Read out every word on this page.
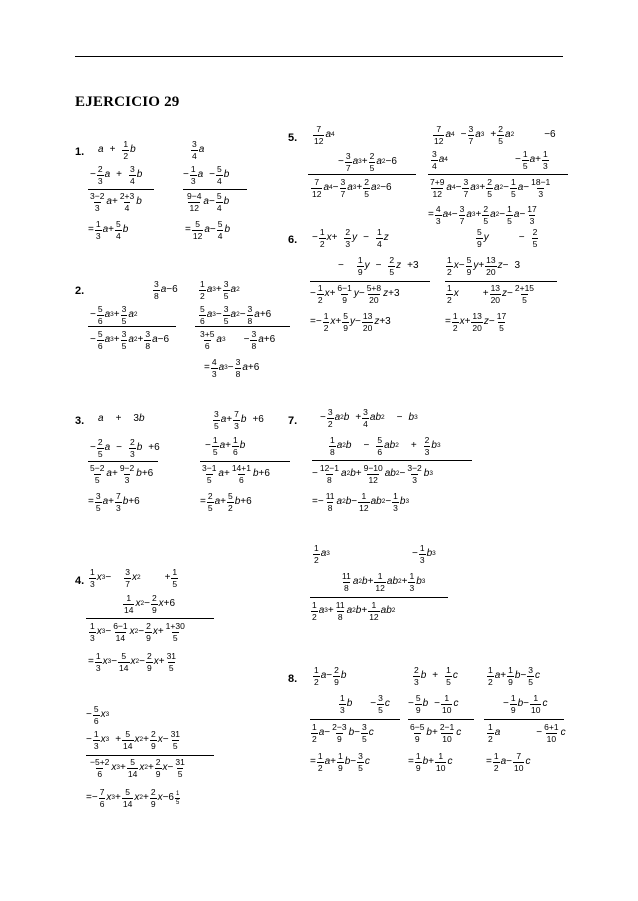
EJERCICIO 29
1. $a + \frac{1}{2}$ b
− $\frac{2}{3}$ $a + \frac{3}{4}$ b
$\frac{3-2}{3}$ $a + \frac{2+3}{4}$ b
= $\frac{1}{3}$ $a + \frac{5}{4}$ b
$\frac{3}{4}$ a
− $\frac{1}{3}$ $a - \frac{5}{4}$ b
$\frac{9-4}{12}$ $a - \frac{5}{4}$ b
= $\frac{5}{12}$ $a - \frac{5}{4}$ b
2.	$\frac{3}{8}$ a −6
− $\frac{5}{6}$ a $3 + \frac{3}{5}$ a 2
− $\frac{5}{6}$ a $3 + \frac{3}{5}$ a $2 + \frac{3}{8}$ a −6
$\frac{1}{2}$ a $3 + \frac{3}{5}$ a 2
$\frac{5}{6}$ a $3 - \frac{3}{5}$ a $2 - \frac{3}{8}$ a +6
$\frac{3+5}{6}$ a $3 - \frac{3}{8}$ a +6
= $\frac{4}{3}$ a $3 - \frac{3}{8}$ a +6
3. a + 3 b
− $\frac{2}{5}$ $a - \frac{2}{3}$ b +6
$\frac{5-2}{5}$ $a + \frac{9-2}{3}$ b +6
= $\frac{3}{5}$ $a + \frac{7}{3}$ b +6
$\frac{3}{5}$ $a + \frac{7}{3}$ b +6
− $\frac{1}{5}$ $a + \frac{1}{6}$ b
$\frac{3-1}{5}$ $a + \frac{14+1}{6}$ b +6
= $\frac{2}{5}$ $a + \frac{5}{2}$ b +6
4. $\frac{1}{3}$ x $3 - \frac{3}{7}$ x $2 + \frac{1}{5}$
$\frac{1}{14}$ x $2 - \frac{2}{9}$ x +6
$\frac{1}{3}$ x $3 - \frac{6-1}{14}$ x $2 - \frac{2}{9}$ $x + \frac{1+30}{5}$
= $\frac{1}{3}$ x $3 - \frac{5}{14}$ x $2 - \frac{2}{9}$ $x + \frac{31}{5}$
− $\frac{5}{6}$ x 3
− $\frac{1}{3}$ x $3 + \frac{5}{14}$ x $2 + \frac{2}{9}$ $x - \frac{31}{5}$
$\frac{-5+2}{6}$ x $3 + \frac{5}{14}$ x $2 + \frac{2}{9}$ $x - \frac{31}{5}$
=− $\frac{7}{6}$ x $3 + \frac{5}{14}$ x $2 + \frac{2}{9}$ $x -6 \frac{1}{5}$
5. $\frac{7}{12}$ a 4
− $\frac{3}{7}$ a $3 + \frac{2}{5}$ a 2 −6
$\frac{7}{12}$ a $4 - \frac{3}{7}$ a $3 + \frac{2}{5}$ a 2 −6
$\frac{7}{12}$ a $4 - \frac{3}{7}$ a $3 + \frac{2}{5}$ a 2	−6
$\frac{3}{4}$ a 4	− $\frac{1}{5}$ $a + \frac{1}{3}$
$\frac{7+9}{12}$ a $4 - \frac{3}{7}$ a $3 + \frac{2}{5}$ a $2 - \frac{1}{5}$ $a - \frac{18-1}{3}$
= $\frac{4}{3}$ a $4 - \frac{3}{7}$ a $3 + \frac{2}{5}$ a $2 - \frac{1}{5}$ $a - \frac{17}{3}$
6. − $\frac{1}{2}$ $x + \frac{2}{3}$ $y - \frac{1}{4}$ z
− $\frac{1}{9}$ $y - \frac{2}{5}$ z +3
− $\frac{1}{2}$ $x + \frac{6-1}{9}$ $y - \frac{5+8}{20}$ z +3
=− $\frac{1}{2}$ $x + \frac{5}{9}$ $y - \frac{13}{20}$ z +3
$\frac{5}{9}$ y	− $\frac{2}{5}$
$\frac{1}{2}$ $x - \frac{5}{9}$ $y + \frac{13}{20}$ z − 3
$\frac{1}{2}$ $x + \frac{13}{20}$ $z - \frac{2+15}{5}$
= $\frac{1}{2}$ $x + \frac{13}{20}$ $z - \frac{17}{5}$
7. − $\frac{3}{2}$ a 2 $b + \frac{3}{4}$ ab 2 − b 3
$\frac{1}{8}$ a 2 $b - \frac{5}{6}$ ab $2 + \frac{2}{3}$ b 3
− $\frac{12-1}{8}$ a 2 $b + \frac{9-10}{12}$ ab $2 - \frac{3-2}{3}$ b 3
=− $\frac{11}{8}$ a 2 $b - \frac{1}{12}$ ab $2 - \frac{1}{3}$ b 3
$\frac{1}{2}$ a 3	− $\frac{1}{3}$ b 3
$\frac{11}{8}$ a 2 $b + \frac{1}{12}$ ab $2 + \frac{1}{3}$ b 3
$\frac{1}{2}$ a $3 + \frac{11}{8}$ a 2 $b + \frac{1}{12}$ ab 2
8. $\frac{1}{2}$ $a - \frac{2}{9}$ b
$\frac{1}{3}$ $b - \frac{3}{5}$ c
$\frac{1}{2}$ $a - \frac{2-3}{9}$ $b - \frac{3}{5}$ c
= $\frac{1}{2}$ $a + \frac{1}{9}$ $b - \frac{3}{5}$ c
$\frac{2}{3}$ $b + \frac{1}{5}$ c
− $\frac{5}{9}$ $b - \frac{1}{10}$ c
$\frac{6-5}{9}$ $b + \frac{2-1}{10}$ c
= $\frac{1}{9}$ $b + \frac{1}{10}$ c
$\frac{1}{2}$ $a + \frac{1}{9}$ $b - \frac{3}{5}$ c
− $\frac{1}{9}$ $b - \frac{1}{10}$ c
$\frac{1}{2}$ a	− $\frac{6+1}{10}$ c
= $\frac{1}{2}$ $a - \frac{7}{10}$ c
